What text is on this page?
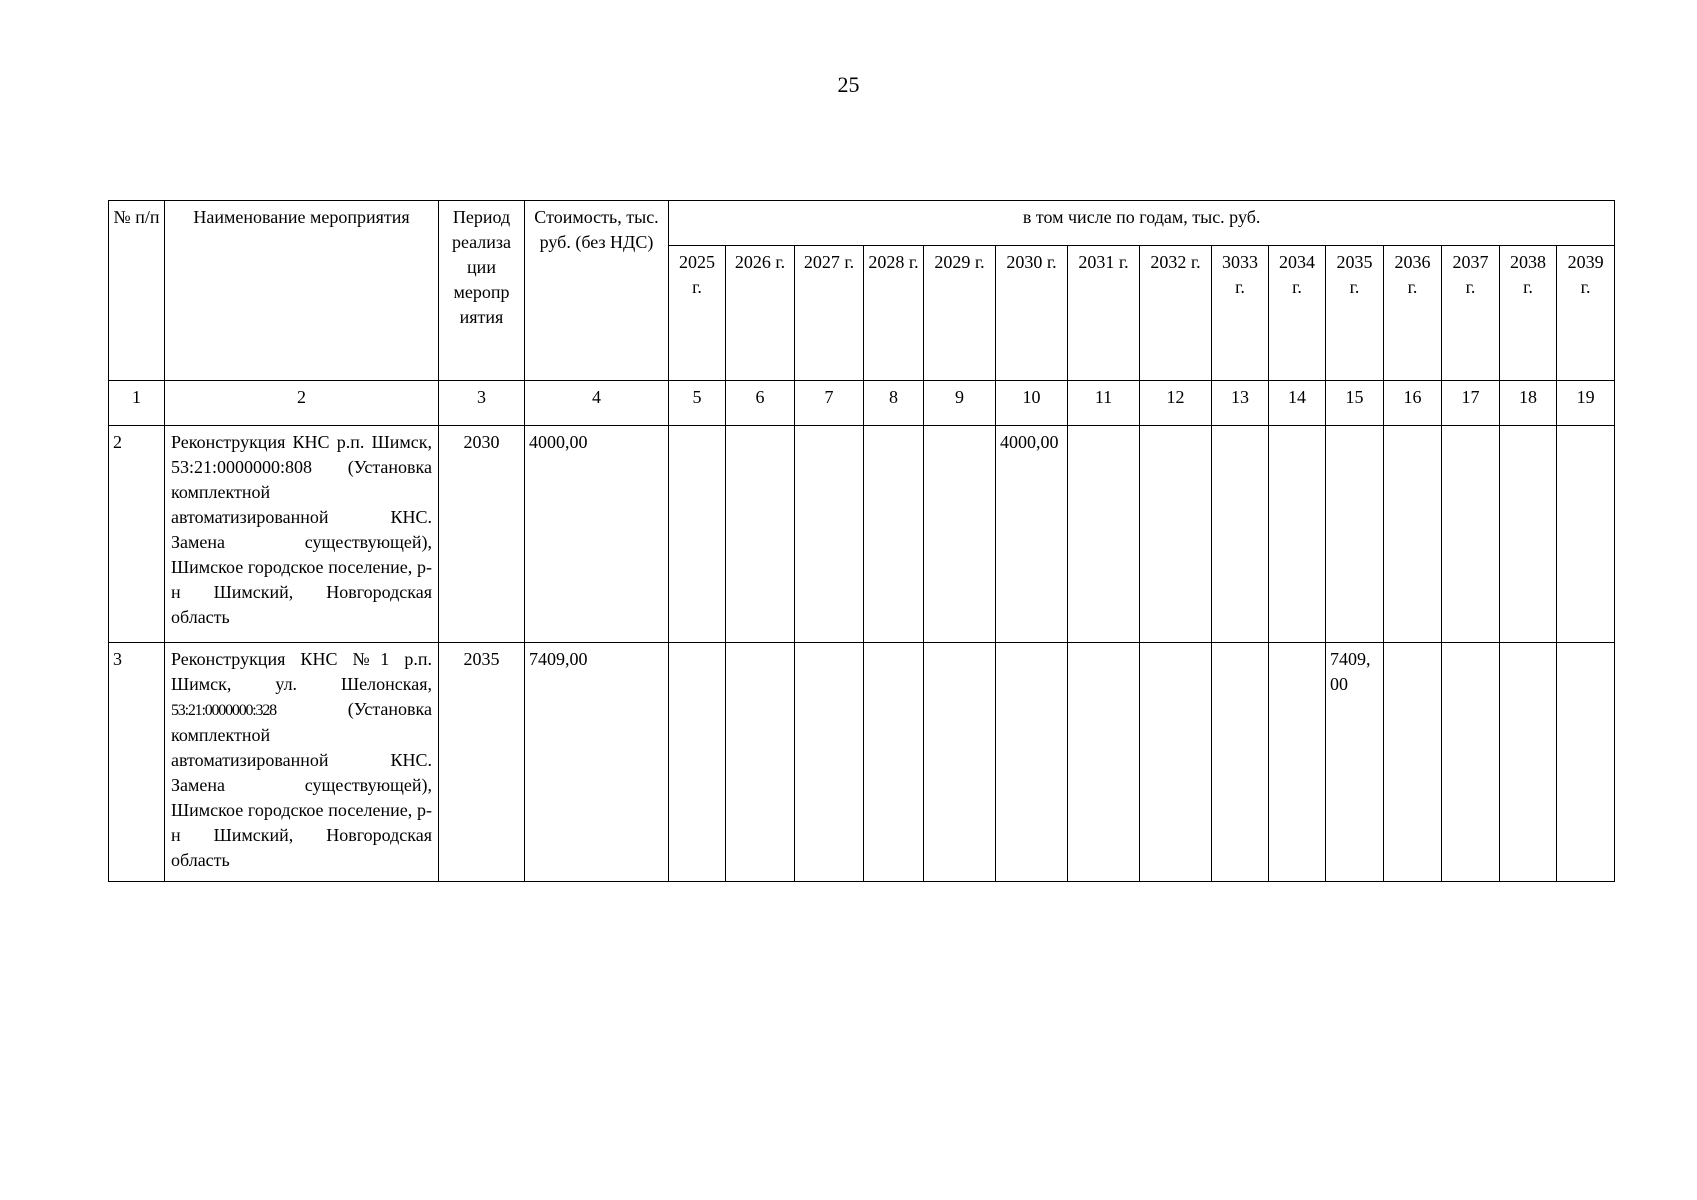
25
№ п/п	Наименование мероприятия	Период реализа ции меропр иятия	Стоимость, тыс. руб. (без НДС)	в том числе по годам, тыс. руб.														
				2025 г.	2026 г.	2027 г.	2028 г.	2029 г.	2030 г.	2031 г.	2032 г.	3033 г.	2034 г.	2035 г.	2036 г.	2037 г.	2038 г.	2039 г.
1	2	3	4	5	6	7	8	9	10	11	12	13	14	15	16	17	18	19
2	Реконструкция КНС р.п. Шимск, 53:21:0000000:808 (Установка комплектной автоматизированной КНС. Замена существующей), Шимское городское поселение, р-н Шимский, Новгородская область	2030	4000,00						4000,00									
3	Реконструкция КНС №1 р.п. Шимск, ул. Шелонская, 53:21:0000000:328 (Установка комплектной автоматизированной КНС. Замена существующей), Шимское городское поселение, р-н Шимский, Новгородская область	2035	7409,00											7409,00				
